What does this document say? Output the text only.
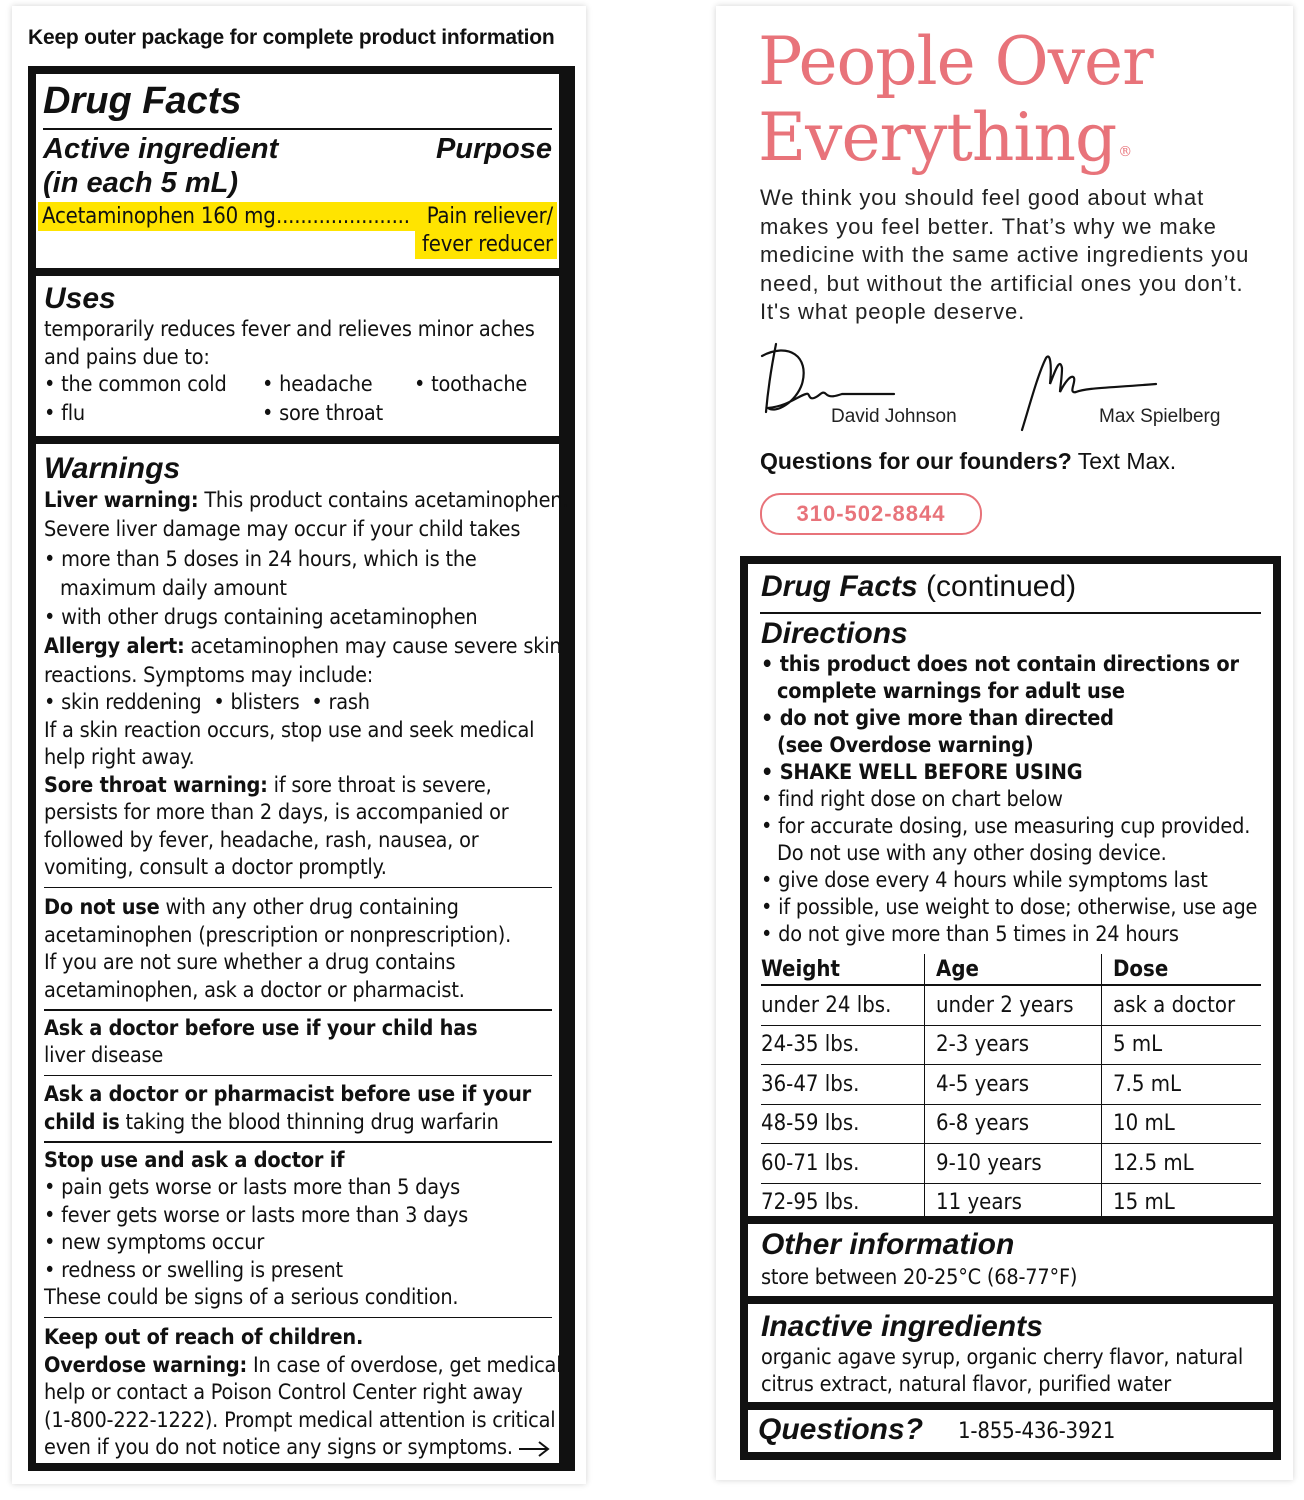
Keep outer package for complete product information
Drug Facts
Active ingredient
(in each 5 mL)
Purpose
Acetaminophen 160 mg ...................... Pain reliever/
fever reducer
Uses
temporarily reduces fever and relieves minor aches
and pains due to:
• the common cold • headache • toothache
• flu	• sore throat
Warnings
Liver warning: This product contains acetaminophen.
Severe liver damage may occur if your child takes
• more than 5 doses in 24 hours, which is the
maximum daily amount
• with other drugs containing acetaminophen
Allergy alert: acetaminophen may cause severe skin
reactions. Symptoms may include:
• skin reddening  • blisters  • rash
If a skin reaction occurs, stop use and seek medical
help right away.
Sore throat warning: if sore throat is severe,
persists for more than 2 days, is accompanied or
followed by fever, headache, rash, nausea, or
vomiting, consult a doctor promptly.
Do not use with any other drug containing
acetaminophen (prescription or nonprescription).
If you are not sure whether a drug contains
acetaminophen, ask a doctor or pharmacist.
Ask a doctor before use if your child has
liver disease
Ask a doctor or pharmacist before use if your
child is taking the blood thinning drug warfarin
Stop use and ask a doctor if
• pain gets worse or lasts more than 5 days
• fever gets worse or lasts more than 3 days
• new symptoms occur
• redness or swelling is present
These could be signs of a serious condition.
Keep out of reach of children.
Overdose warning: In case of overdose, get medical
help or contact a Poison Control Center right away
(1-800-222-1222). Prompt medical attention is critical
even if you do not notice any signs or symptoms.
People Over
Everything ®
We think you should feel good about what makes you feel better. That’s why we make medicine with the same active ingredients you need, but without the artificial ones you don’t. It's what people deserve.
David Johnson	Max Spielberg
Questions for our founders? Text Max.
310-502-8844
Drug Facts (continued)
Directions
• this product does not contain directions or
complete warnings for adult use
• do not give more than directed
(see Overdose warning)
• SHAKE WELL BEFORE USING
• find right dose on chart below
• for accurate dosing, use measuring cup provided.
Do not use with any other dosing device.
• give dose every 4 hours while symptoms last
• if possible, use weight to dose; otherwise, use age
• do not give more than 5 times in 24 hours
Weight	Age	Dose
under 24 lbs.	under 2 years	ask a doctor
24-35 lbs.	2-3 years	5 mL
36-47 lbs.	4-5 years	7.5 mL
48-59 lbs.	6-8 years	10 mL
60-71 lbs.	9-10 years	12.5 mL
72-95 lbs.	11 years	15 mL
Other information
store between 20-25°C (68-77°F)
Inactive ingredients
organic agave syrup, organic cherry flavor, natural
citrus extract, natural flavor, purified water
Questions? 1-855-436-3921
